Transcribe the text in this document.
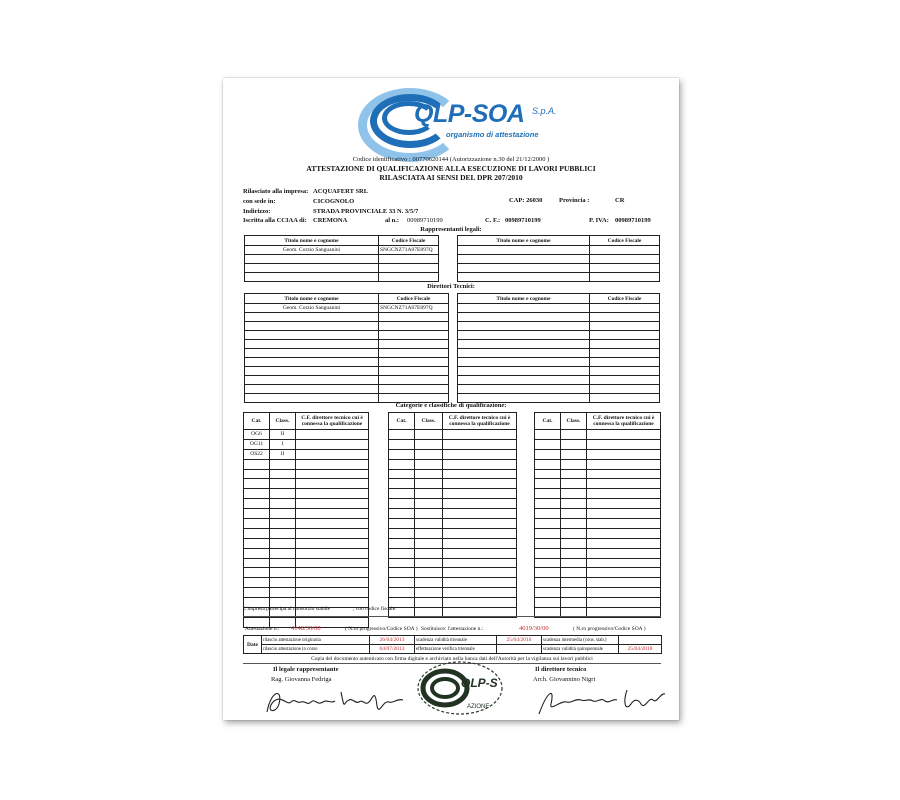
QLP-SOA S.p.A.
organismo di attestazione
Codice identificativo : 00770620144 (Autorizzazione n.30 del 21/12/2000 )
ATTESTAZIONE DI QUALIFICAZIONE ALLA ESECUZIONE DI LAVORI PUBBLICI
RILASCIATA AI SENSI DEL DPR 207/2010
Rilasciato alla impresa: ACQUAFERT SRL
con sede in:	CICOGNOLO	CAP: 26030	Provincia :	CR
Indirizzo:	STRADA PROVINCIALE 33 N. 3/5/7
Iscritta alla CCIAA di: CREMONA	al n.: 00989710199	C. F.: 00989710199	P. IVA: 00989710199
Rappresentanti legali:
Titolo nome e cognome	Codice Fiscale
Geom. Corzio Sanguanini	SNGCNZ71A07E897Q

Titolo nome e cognome	Codice Fiscale

Direttori Tecnici:
Titolo nome e cognome	Codice Fiscale
Geom. Corzio Sanguanini	SNGCNZ71A07E897Q

Titolo nome e cognome	Codice Fiscale

Categorie e classifiche di qualificazione:
Cat.	Class.	C.F. direttore tecnico cui è connessa la qualificazione
OG6	II	
OG11	I	
OS22	II	

Cat.	Class.	C.F. direttore tecnico cui è connessa la qualificazione

			Cat.	Class.	C.F. direttore tecnico cui è connessa la qualificazione

L'impresa partecipa al consorzio stabile	, con codice fiscale:
Attestazione n.: 4148/30/00	( N.ro progressivo/Codice SOA ) Sostituisce: l'attestazione n.:	4019/30/00	( N.ro progressivo/Codice SOA )
Date	rilascio attestazione originaria	26/04/2013	scadenza validità triennale	25/04/2016	scadenza intermedia (cons. stab.)	
	rilascio attestazione in corso	04/07/2013	effettuazione verifica triennale		scadenza validità quinquennale	25/04/2018
Copia del documento autenticato con firma digitale e archiviato nella banca dati dell'Autorità per la vigilanza sui lavori pubblici
Il legale rappresentante
Rag. Giovanna Fedriga
Il direttore tecnico
Arch. Giovannino Nigri
QLP-S
AZIONE
